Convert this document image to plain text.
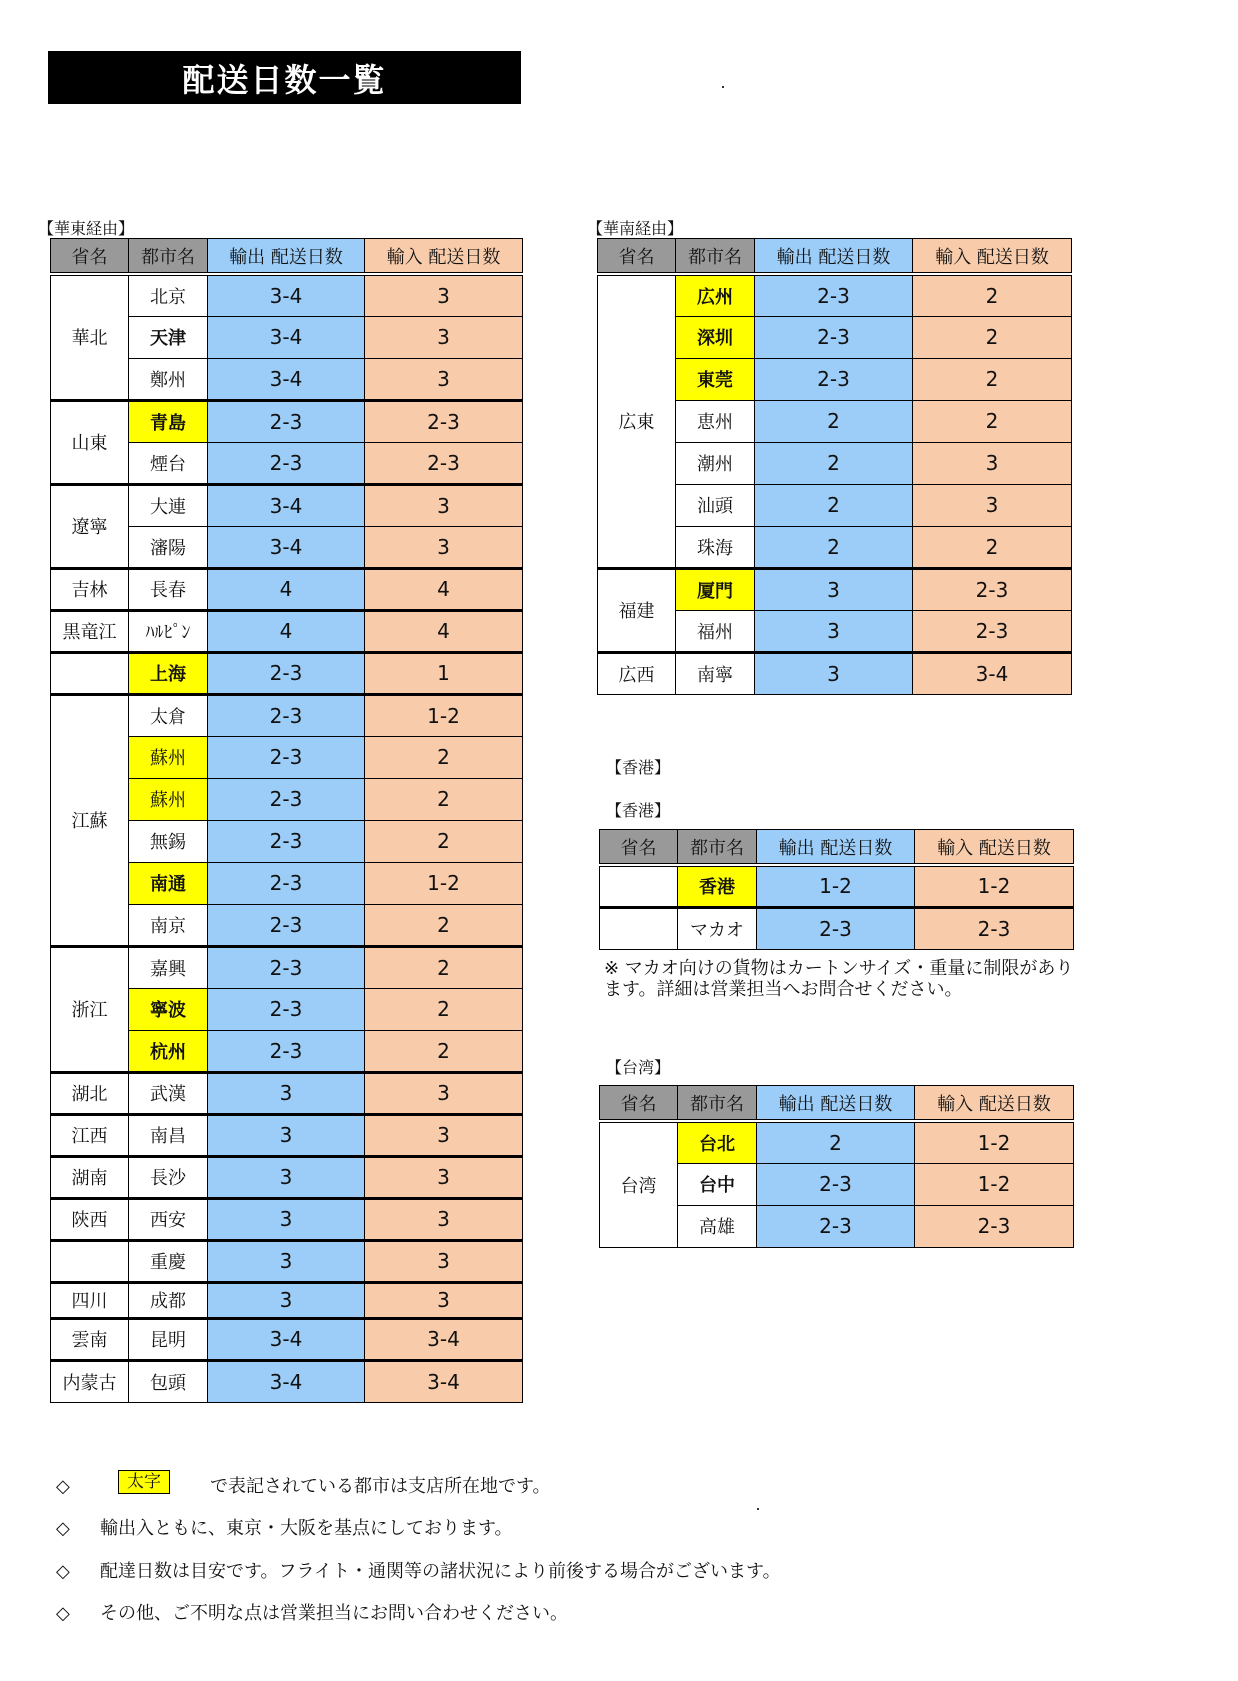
配送日数一覧
【華東経由】
省名	都市名	輸出 配送日数	輸入 配送日数
華北	北京	3-4	3
	天津	3-4	3
	鄭州	3-4	3
山東	青島	2-3	2-3
	煙台	2-3	2-3
遼寧	大連	3-4	3
	瀋陽	3-4	3
吉林	長春	4	4
黒竜江	ﾊﾙﾋﾟﾝ	4	4
	上海	2-3	1
江蘇	太倉	2-3	1-2
	蘇州	2-3	2
	蘇州	2-3	2
	無錫	2-3	2
	南通	2-3	1-2
	南京	2-3	2
浙江	嘉興	2-3	2
	寧波	2-3	2
	杭州	2-3	2
湖北	武漢	3	3
江西	南昌	3	3
湖南	長沙	3	3
陝西	西安	3	3
	重慶	3	3
四川	成都	3	3
雲南	昆明	3-4	3-4
内蒙古	包頭	3-4	3-4
【華南経由】
省名	都市名	輸出 配送日数	輸入 配送日数
広東	広州	2-3	2
	深圳	2-3	2
	東莞	2-3	2
	恵州	2	2
	潮州	2	3
	汕頭	2	3
	珠海	2	2
福建	厦門	3	2-3
	福州	3	2-3
広西	南寧	3	3-4
【香港】
【香港】
省名	都市名	輸出 配送日数	輸入 配送日数
	香港	1-2	1-2
	マカオ	2-3	2-3
※ マカオ向けの貨物はカートンサイズ・重量に制限があります。詳細は営業担当へお問合せください。
【台湾】
省名	都市名	輸出 配送日数	輸入 配送日数
台湾	台北	2	1-2
	台中	2-3	1-2
	高雄	2-3	2-3
◇	で表記されている都市は支店所在地です。
太字
◇ 輸出入ともに、東京・大阪を基点にしております。
◇ 配達日数は目安です。フライト・通関等の諸状況により前後する場合がございます。
◇ その他、ご不明な点は営業担当にお問い合わせください。
